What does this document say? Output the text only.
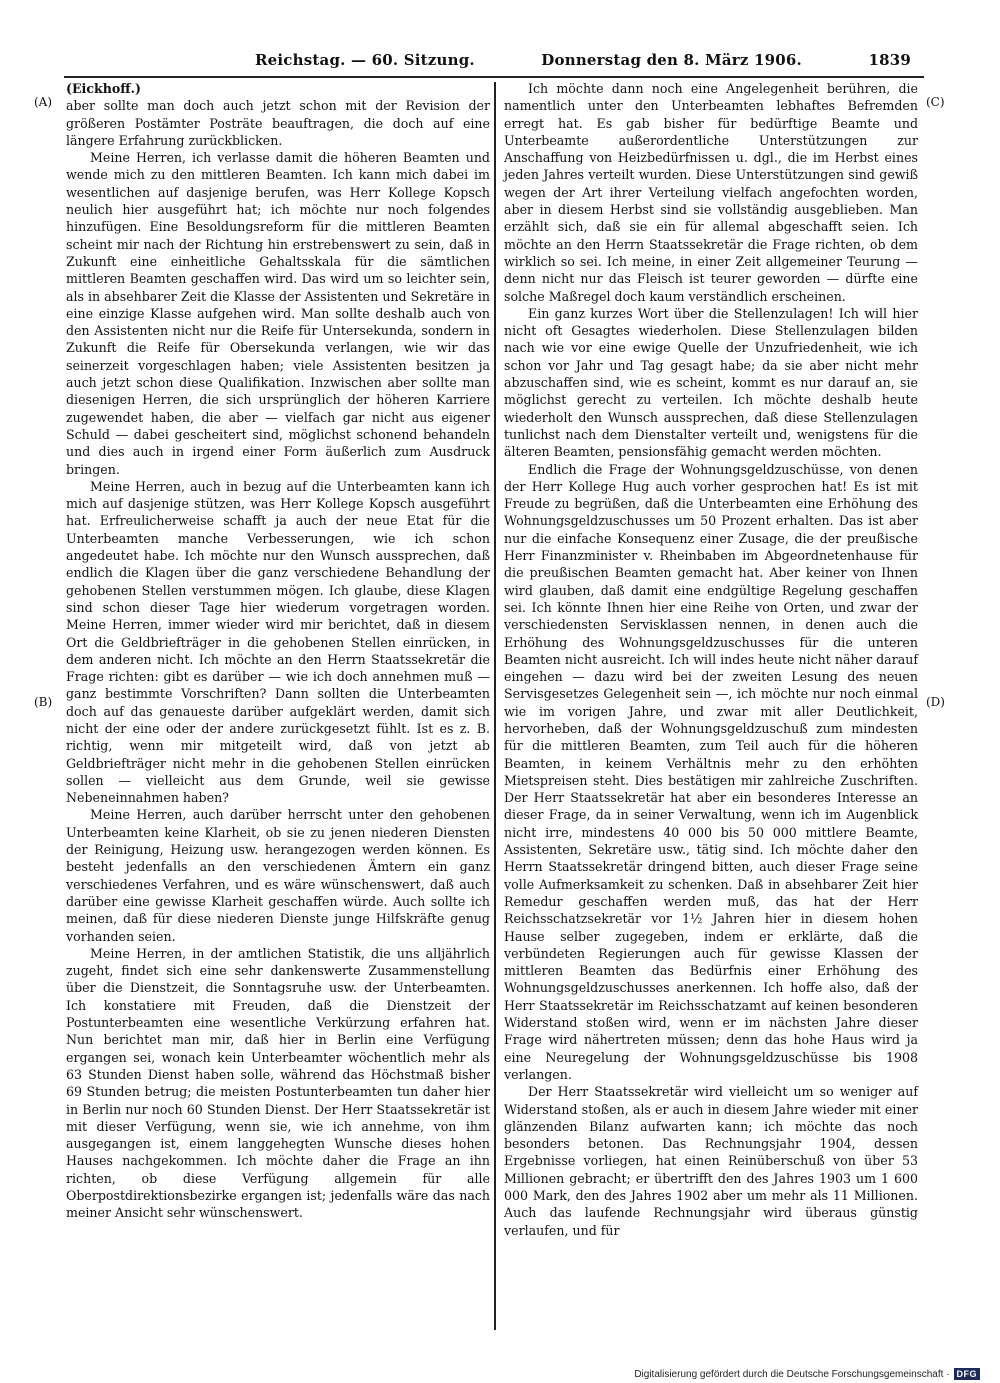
Reichstag. — 60. Sitzung.	Donnerstag den 8. März 1906.	1839
(A)
(B)
(C)
(D)
(Eickhoff.)

aber sollte man doch auch jetzt schon mit der Revision der größeren Postämter Posträte beauftragen, die doch auf eine längere Erfahrung zurückblicken.

Meine Herren, ich verlasse damit die höheren Beamten und wende mich zu den mittleren Beamten. Ich kann mich dabei im wesentlichen auf dasjenige berufen, was Herr Kollege Kopsch neulich hier ausgeführt hat; ich möchte nur noch folgendes hinzufügen. Eine Besoldungsreform für die mittleren Beamten scheint mir nach der Richtung hin erstrebenswert zu sein, daß in Zukunft eine einheitliche Gehaltsskala für die sämtlichen mittleren Beamten geschaffen wird. Das wird um so leichter sein, als in absehbarer Zeit die Klasse der Assistenten und Sekretäre in eine einzige Klasse aufgehen wird. Man sollte deshalb auch von den Assistenten nicht nur die Reife für Untersekunda, sondern in Zukunft die Reife für Obersekunda verlangen, wie wir das seinerzeit vorgeschlagen haben; viele Assistenten besitzen ja auch jetzt schon diese Qualifikation. Inzwischen aber sollte man diesenigen Herren, die sich ursprünglich der höheren Karriere zugewendet haben, die aber — vielfach gar nicht aus eigener Schuld — dabei gescheitert sind, möglichst schonend behandeln und dies auch in irgend einer Form äußerlich zum Ausdruck bringen.

Meine Herren, auch in bezug auf die Unterbeamten kann ich mich auf dasjenige stützen, was Herr Kollege Kopsch ausgeführt hat. Erfreulicherweise schafft ja auch der neue Etat für die Unterbeamten manche Verbesserungen, wie ich schon angedeutet habe. Ich möchte nur den Wunsch aussprechen, daß endlich die Klagen über die ganz verschiedene Behandlung der gehobenen Stellen verstummen mögen. Ich glaube, diese Klagen sind schon dieser Tage hier wiederum vorgetragen worden. Meine Herren, immer wieder wird mir berichtet, daß in diesem Ort die Geldbriefträger in die gehobenen Stellen einrücken, in dem anderen nicht. Ich möchte an den Herrn Staatssekretär die Frage richten: gibt es darüber — wie ich doch annehmen muß — ganz bestimmte Vorschriften? Dann sollten die Unterbeamten doch auf das genaueste darüber aufgeklärt werden, damit sich nicht der eine oder der andere zurückgesetzt fühlt. Ist es z. B. richtig, wenn mir mitgeteilt wird, daß von jetzt ab Geldbriefträger nicht mehr in die gehobenen Stellen einrücken sollen — vielleicht aus dem Grunde, weil sie gewisse Nebeneinnahmen haben?

Meine Herren, auch darüber herrscht unter den gehobenen Unterbeamten keine Klarheit, ob sie zu jenen niederen Diensten der Reinigung, Heizung usw. herangezogen werden können. Es besteht jedenfalls an den verschiedenen Ämtern ein ganz verschiedenes Verfahren, und es wäre wünschenswert, daß auch darüber eine gewisse Klarheit geschaffen würde. Auch sollte ich meinen, daß für diese niederen Dienste junge Hilfskräfte genug vorhanden seien.

Meine Herren, in der amtlichen Statistik, die uns alljährlich zugeht, findet sich eine sehr dankenswerte Zusammenstellung über die Dienstzeit, die Sonntagsruhe usw. der Unterbeamten. Ich konstatiere mit Freuden, daß die Dienstzeit der Postunterbeamten eine wesentliche Verkürzung erfahren hat. Nun berichtet man mir, daß hier in Berlin eine Verfügung ergangen sei, wonach kein Unterbeamter wöchentlich mehr als 63 Stunden Dienst haben solle, während das Höchstmaß bisher 69 Stunden betrug; die meisten Postunterbeamten tun daher hier in Berlin nur noch 60 Stunden Dienst. Der Herr Staatssekretär ist mit dieser Verfügung, wenn sie, wie ich annehme, von ihm ausgegangen ist, einem langgehegten Wunsche dieses hohen Hauses nachgekommen. Ich möchte daher die Frage an ihn richten, ob diese Verfügung allgemein für alle Oberpostdirektionsbezirke ergangen ist; jedenfalls wäre das nach meiner Ansicht sehr wünschenswert.

Ich möchte dann noch eine Angelegenheit berühren, die namentlich unter den Unterbeamten lebhaftes Befremden erregt hat. Es gab bisher für bedürftige Beamte und Unterbeamte außerordentliche Unterstützungen zur Anschaffung von Heizbedürfnissen u. dgl., die im Herbst eines jeden Jahres verteilt wurden. Diese Unterstützungen sind gewiß wegen der Art ihrer Verteilung vielfach angefochten worden, aber in diesem Herbst sind sie vollständig ausgeblieben. Man erzählt sich, daß sie ein für allemal abgeschafft seien. Ich möchte an den Herrn Staatssekretär die Frage richten, ob dem wirklich so sei. Ich meine, in einer Zeit allgemeiner Teurung — denn nicht nur das Fleisch ist teurer geworden — dürfte eine solche Maßregel doch kaum verständlich erscheinen.

Ein ganz kurzes Wort über die Stellenzulagen! Ich will hier nicht oft Gesagtes wiederholen. Diese Stellenzulagen bilden nach wie vor eine ewige Quelle der Unzufriedenheit, wie ich schon vor Jahr und Tag gesagt habe; da sie aber nicht mehr abzuschaffen sind, wie es scheint, kommt es nur darauf an, sie möglichst gerecht zu verteilen. Ich möchte deshalb heute wiederholt den Wunsch aussprechen, daß diese Stellenzulagen tunlichst nach dem Dienstalter verteilt und, wenigstens für die älteren Beamten, pensionsfähig gemacht werden möchten.

Endlich die Frage der Wohnungsgeldzuschüsse, von denen der Herr Kollege Hug auch vorher gesprochen hat! Es ist mit Freude zu begrüßen, daß die Unterbeamten eine Erhöhung des Wohnungsgeldzuschusses um 50 Prozent erhalten. Das ist aber nur die einfache Konsequenz einer Zusage, die der preußische Herr Finanzminister v. Rheinbaben im Abgeordnetenhause für die preußischen Beamten gemacht hat. Aber keiner von Ihnen wird glauben, daß damit eine endgültige Regelung geschaffen sei. Ich könnte Ihnen hier eine Reihe von Orten, und zwar der verschiedensten Servisklassen nennen, in denen auch die Erhöhung des Wohnungsgeldzuschusses für die unteren Beamten nicht ausreicht. Ich will indes heute nicht näher darauf eingehen — dazu wird bei der zweiten Lesung des neuen Servisgesetzes Gelegenheit sein —, ich möchte nur noch einmal wie im vorigen Jahre, und zwar mit aller Deutlichkeit, hervorheben, daß der Wohnungsgeldzuschuß zum mindesten für die mittleren Beamten, zum Teil auch für die höheren Beamten, in keinem Verhältnis mehr zu den erhöhten Mietspreisen steht. Dies bestätigen mir zahlreiche Zuschriften. Der Herr Staatssekretär hat aber ein besonderes Interesse an dieser Frage, da in seiner Verwaltung, wenn ich im Augenblick nicht irre, mindestens 40 000 bis 50 000 mittlere Beamte, Assistenten, Sekretäre usw., tätig sind. Ich möchte daher den Herrn Staatssekretär dringend bitten, auch dieser Frage seine volle Aufmerksamkeit zu schenken. Daß in absehbarer Zeit hier Remedur geschaffen werden muß, das hat der Herr Reichsschatzsekretär vor 1½ Jahren hier in diesem hohen Hause selber zugegeben, indem er erklärte, daß die verbündeten Regierungen auch für gewisse Klassen der mittleren Beamten das Bedürfnis einer Erhöhung des Wohnungsgeldzuschusses anerkennen. Ich hoffe also, daß der Herr Staatssekretär im Reichsschatzamt auf keinen besonderen Widerstand stoßen wird, wenn er im nächsten Jahre dieser Frage wird nähertreten müssen; denn das hohe Haus wird ja eine Neuregelung der Wohnungsgeldzuschüsse bis 1908 verlangen.

Der Herr Staatssekretär wird vielleicht um so weniger auf Widerstand stoßen, als er auch in diesem Jahre wieder mit einer glänzenden Bilanz aufwarten kann; ich möchte das noch besonders betonen. Das Rechnungsjahr 1904, dessen Ergebnisse vorliegen, hat einen Reinüberschuß von über 53 Millionen gebracht; er übertrifft den des Jahres 1903 um 1 600 000 Mark, den des Jahres 1902 aber um mehr als 11 Millionen. Auch das laufende Rechnungsjahr wird überaus günstig verlaufen, und für

Digitalisierung gefördert durch die Deutsche Forschungsgemeinschaft · DFG
